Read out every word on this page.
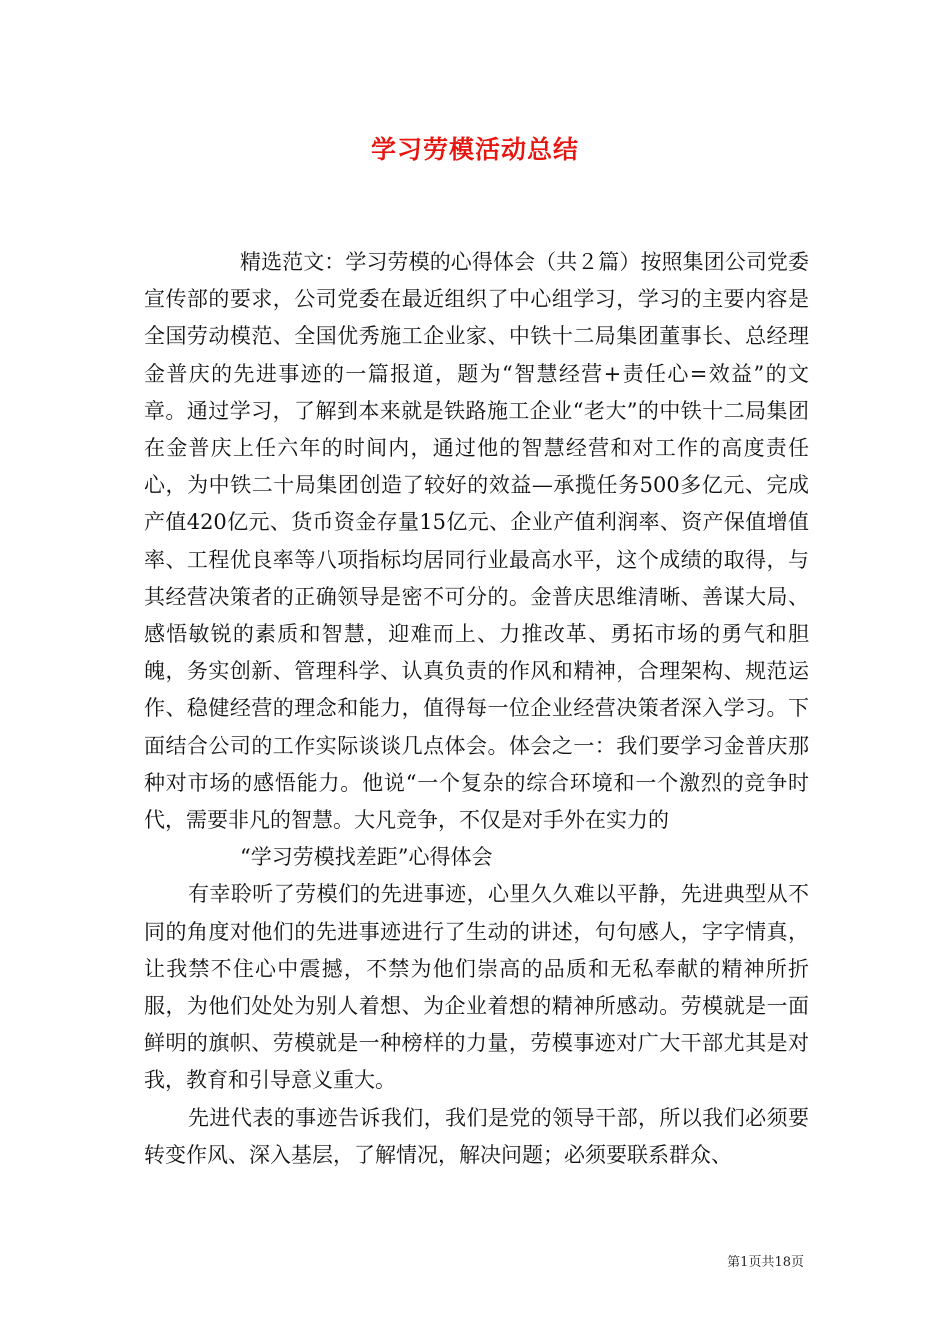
学习劳模活动总结

精选范文：学习劳模的心得体会（共２篇）按照集团公司党委宣传部的要求，公司党委在最近组织了中心组学习，学习的主要内容是全国劳动模范、全国优秀施工企业家、中铁十二局集团董事长、总经理金普庆的先进事迹的一篇报道，题为“智慧经营+责任心=效益”的文章。通过学习，了解到本来就是铁路施工企业“老大”的中铁十二局集团在金普庆上任六年的时间内，通过他的智慧经营和对工作的高度责任心，为中铁二十局集团创造了较好的效益—承揽任务500多亿元、完成产值420亿元、货币资金存量15亿元、企业产值利润率、资产保值增值率、工程优良率等八项指标均居同行业最高水平，这个成绩的取得，与其经营决策者的正确领导是密不可分的。金普庆思维清晰、善谋大局、感悟敏锐的素质和智慧，迎难而上、力推改革、勇拓市场的勇气和胆魄，务实创新、管理科学、认真负责的作风和精神，合理架构、规范运作、稳健经营的理念和能力，值得每一位企业经营决策者深入学习。下面结合公司的工作实际谈谈几点体会。体会之一：我们要学习金普庆那种对市场的感悟能力。他说“一个复杂的综合环境和一个激烈的竞争时代，需要非凡的智慧。大凡竞争，不仅是对手外在实力的

“学习劳模找差距”心得体会

有幸聆听了劳模们的先进事迹，心里久久难以平静，先进典型从不同的角度对他们的先进事迹进行了生动的讲述，句句感人，字字情真，让我禁不住心中震撼，不禁为他们崇高的品质和无私奉献的精神所折服，为他们处处为别人着想、为企业着想的精神所感动。劳模就是一面鲜明的旗帜、劳模就是一种榜样的力量，劳模事迹对广大干部尤其是对我，教育和引导意义重大。

先进代表的事迹告诉我们，我们是党的领导干部，所以我们必须要转变作风、深入基层，了解情况，解决问题；必须要联系群众、

第1页共18页
